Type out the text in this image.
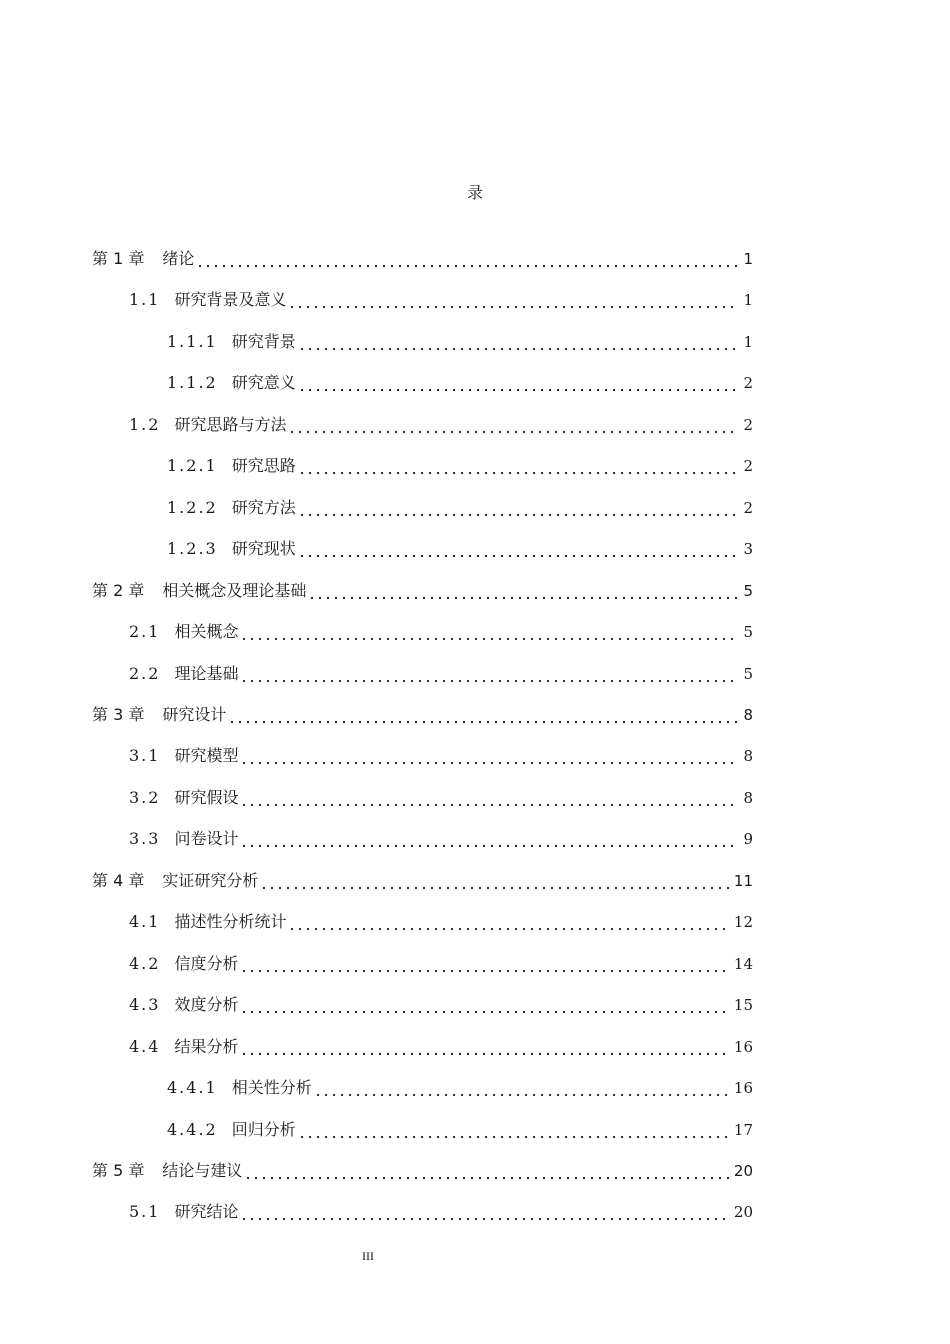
录
第 1 章 绪论	1
1.1 研究背景及意义	1
1.1.1 研究背景	1
1.1.2 研究意义	2
1.2 研究思路与方法	2
1.2.1 研究思路	2
1.2.2 研究方法	2
1.2.3 研究现状	3
第 2 章 相关概念及理论基础	5
2.1 相关概念	5
2.2 理论基础	5
第 3 章 研究设计	8
3.1 研究模型	8
3.2 研究假设	8
3.3 问卷设计	9
第 4 章 实证研究分析	11
4.1 描述性分析统计	12
4.2 信度分析	14
4.3 效度分析	15
4.4 结果分析	16
4.4.1 相关性分析	16
4.4.2 回归分析	17
第 5 章 结论与建议	20
5.1 研究结论	20
III
